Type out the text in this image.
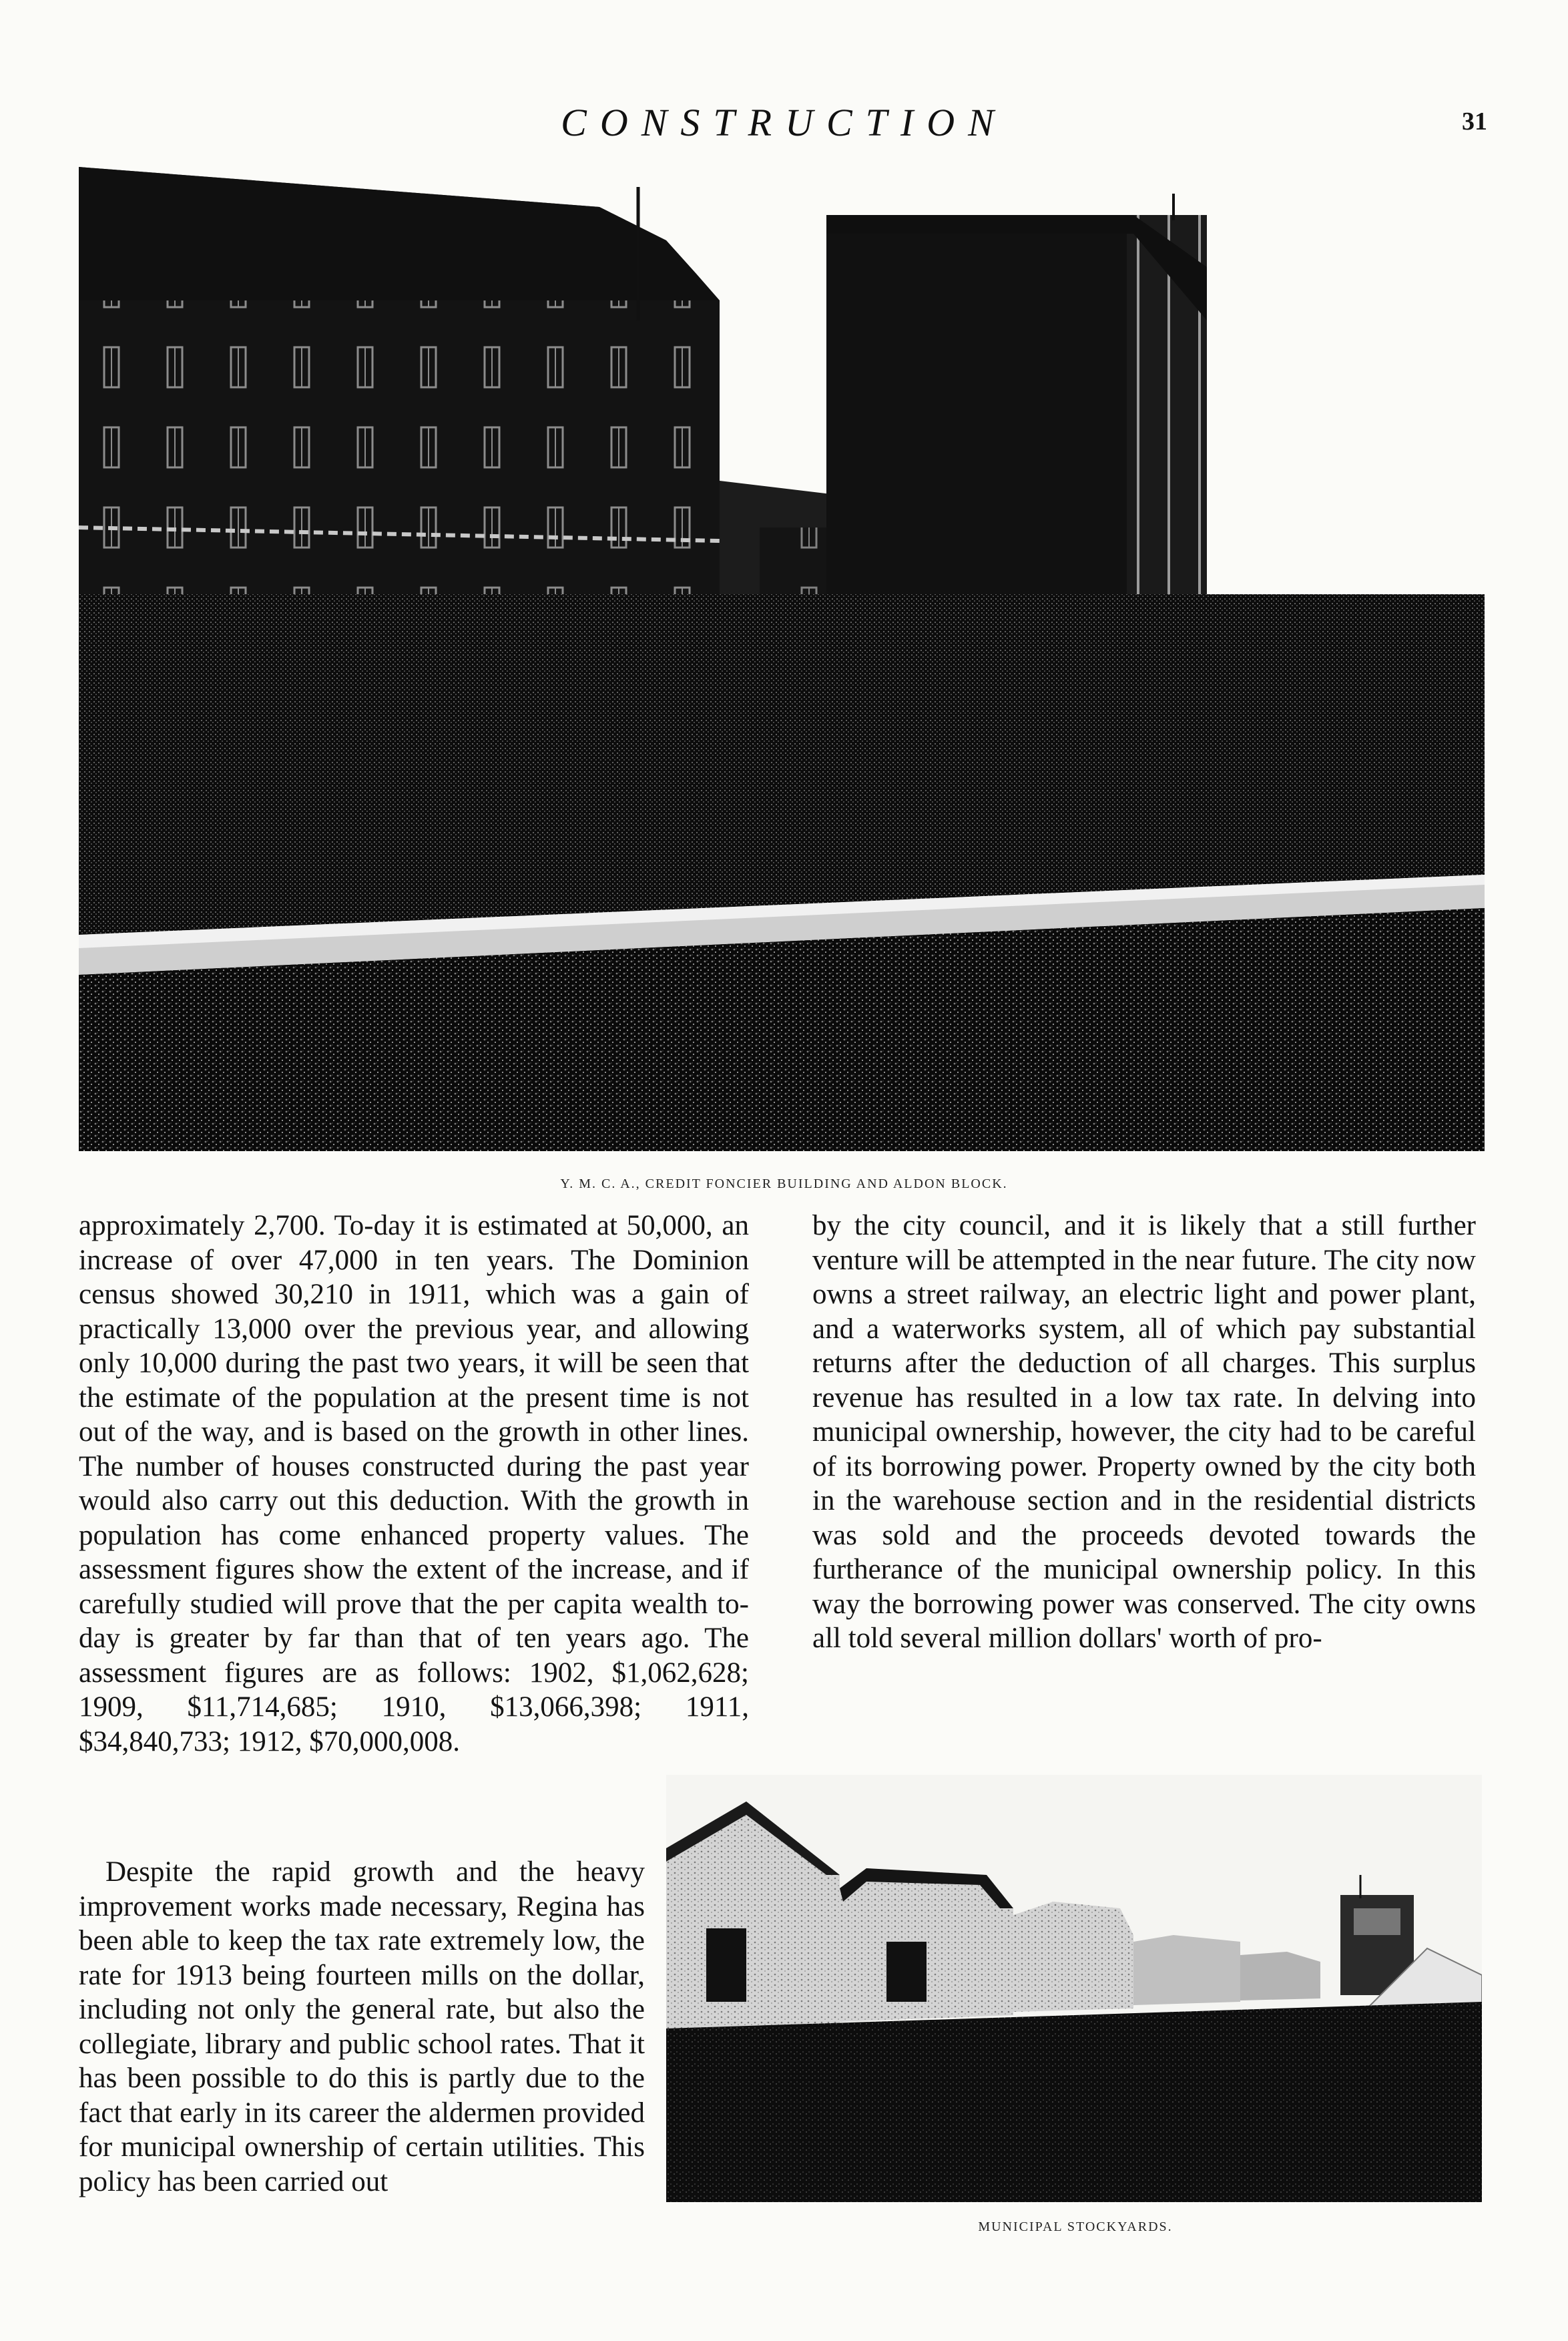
CONSTRUCTION	31
Y. M. C. A., CREDIT FONCIER BUILDING AND ALDON BLOCK.

approximately 2,700. To-day it is estimated at 50,000, an increase of over 47,000 in ten years. The Dominion census showed 30,210 in 1911, which was a gain of practically 13,000 over the previous year, and allowing only 10,000 during the past two years, it will be seen that the estimate of the population at the present time is not out of the way, and is based on the growth in other lines. The number of houses constructed during the past year would also carry out this deduction. With the growth in population has come enhanced property values. The assessment figures show the extent of the increase, and if carefully studied will prove that the per capita wealth to-day is greater by far than that of ten years ago. The assessment figures are as follows: 1902, $1,062,628; 1909, $11,714,685; 1910, $13,066,398; 1911, $34,840,733; 1912, $70,000,008.

Despite the rapid growth and the heavy improvement works made necessary, Regina has been able to keep the tax rate extremely low, the rate for 1913 being fourteen mills on the dollar, including not only the general rate, but also the collegiate, library and public school rates. That it has been possible to do this is partly due to the fact that early in its career the aldermen provided for municipal ownership of certain utilities. This policy has been carried out

by the city council, and it is likely that a still further venture will be attempted in the near future. The city now owns a street railway, an electric light and power plant, and a waterworks system, all of which pay substantial returns after the deduction of all charges. This surplus revenue has resulted in a low tax rate. In delving into municipal ownership, however, the city had to be careful of its borrowing power. Property owned by the city both in the warehouse section and in the residential districts was sold and the proceeds devoted towards the furtherance of the municipal ownership policy. In this way the borrowing power was conserved. The city owns all told several million dollars' worth of pro-

MUNICIPAL STOCKYARDS.
